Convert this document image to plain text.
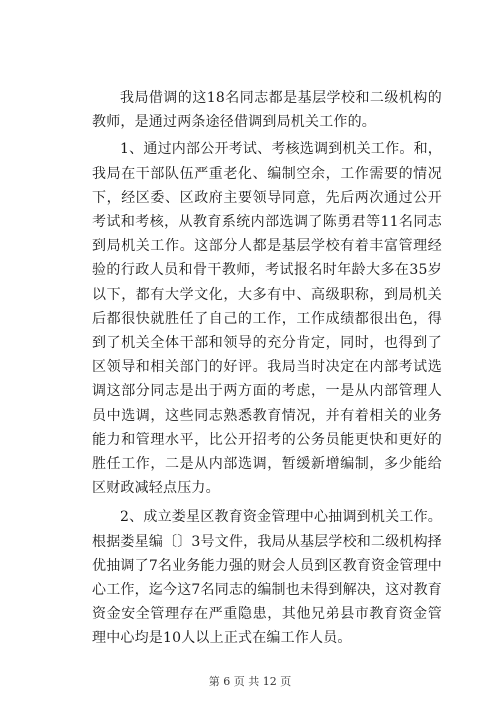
我局借调的这18名同志都是基层学校和二级机构的教师，是通过两条途径借调到局机关工作的。

1、通过内部公开考试、考核选调到机关工作。和，我局在干部队伍严重老化、编制空余，工作需要的情况下，经区委、区政府主要领导同意，先后两次通过公开考试和考核，从教育系统内部选调了陈勇君等11名同志到局机关工作。这部分人都是基层学校有着丰富管理经验的行政人员和骨干教师，考试报名时年龄大多在35岁以下，都有大学文化，大多有中、高级职称，到局机关后都很快就胜任了自己的工作，工作成绩都很出色，得到了机关全体干部和领导的充分肯定，同时，也得到了区领导和相关部门的好评。我局当时决定在内部考试选调这部分同志是出于两方面的考虑，一是从内部管理人员中选调，这些同志熟悉教育情况，并有着相关的业务能力和管理水平，比公开招考的公务员能更快和更好的胜任工作，二是从内部选调，暂缓新增编制，多少能给区财政减轻点压力。

2、成立娄星区教育资金管理中心抽调到机关工作。根据娄星编〔〕3号文件，我局从基层学校和二级机构择优抽调了7名业务能力强的财会人员到区教育资金管理中心工作，迄今这7名同志的编制也未得到解决，这对教育资金安全管理存在严重隐患，其他兄弟县市教育资金管理中心均是10人以上正式在编工作人员。

第 6 页 共 12 页
